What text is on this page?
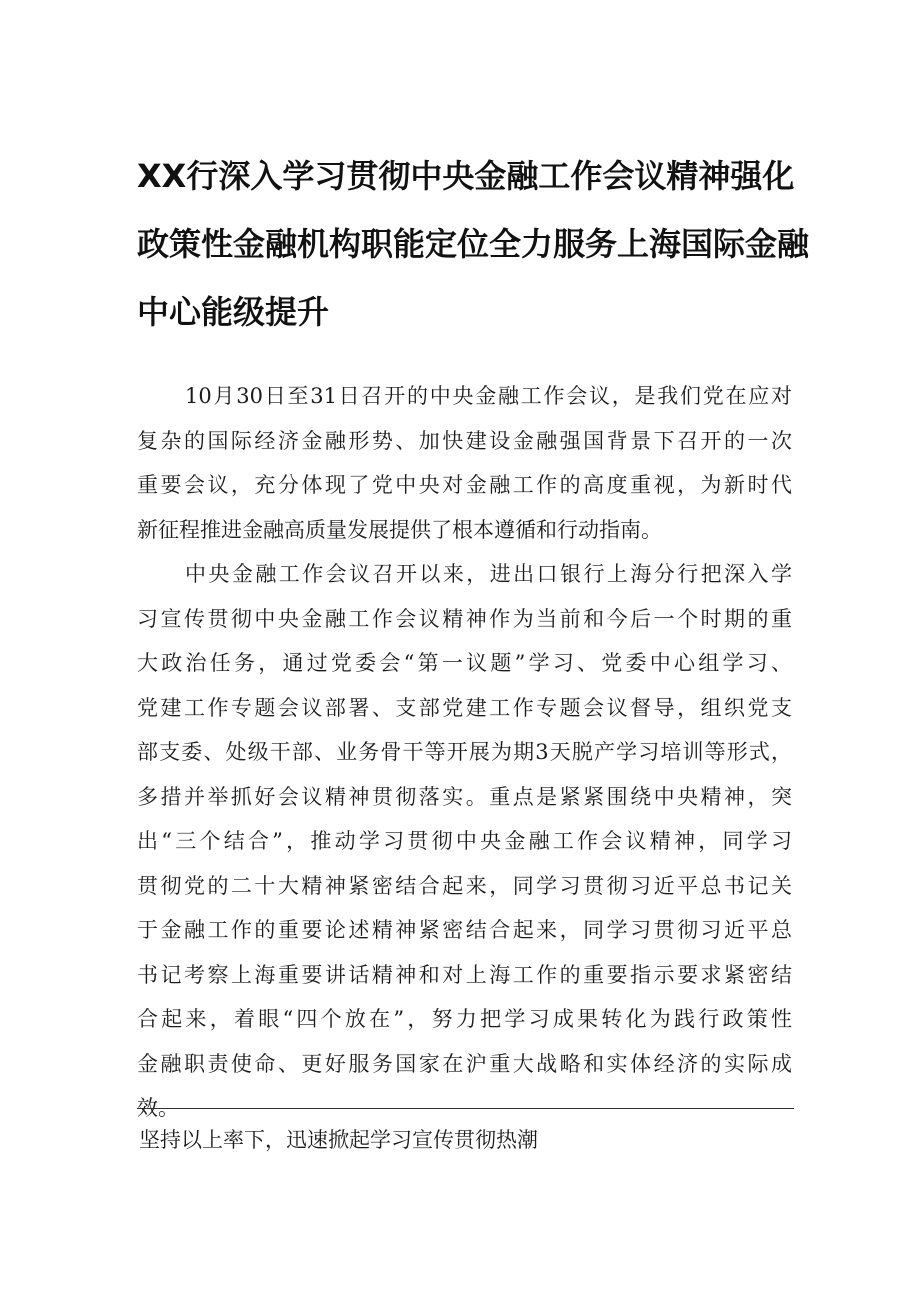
XX行深入学习贯彻中央金融工作会议精神强化
政策性金融机构职能定位全力服务上海国际金融
中心能级提升

10月30日至31日召开的中央金融工作会议，是我们党在应对
复杂的国际经济金融形势、加快建设金融强国背景下召开的一次
重要会议，充分体现了党中央对金融工作的高度重视，为新时代
新征程推进金融高质量发展提供了根本遵循和行动指南。

中央金融工作会议召开以来，进出口银行上海分行把深入学
习宣传贯彻中央金融工作会议精神作为当前和今后一个时期的重
大政治任务，通过党委会“第一议题”学习、党委中心组学习、
党建工作专题会议部署、支部党建工作专题会议督导，组织党支
部支委、处级干部、业务骨干等开展为期3天脱产学习培训等形式，
多措并举抓好会议精神贯彻落实。重点是紧紧围绕中央精神，突
出“三个结合”，推动学习贯彻中央金融工作会议精神，同学习
贯彻党的二十大精神紧密结合起来，同学习贯彻习近平总书记关
于金融工作的重要论述精神紧密结合起来，同学习贯彻习近平总
书记考察上海重要讲话精神和对上海工作的重要指示要求紧密结
合起来，着眼“四个放在”，努力把学习成果转化为践行政策性
金融职责使命、更好服务国家在沪重大战略和实体经济的实际成
效。

坚持以上率下，迅速掀起学习宣传贯彻热潮
